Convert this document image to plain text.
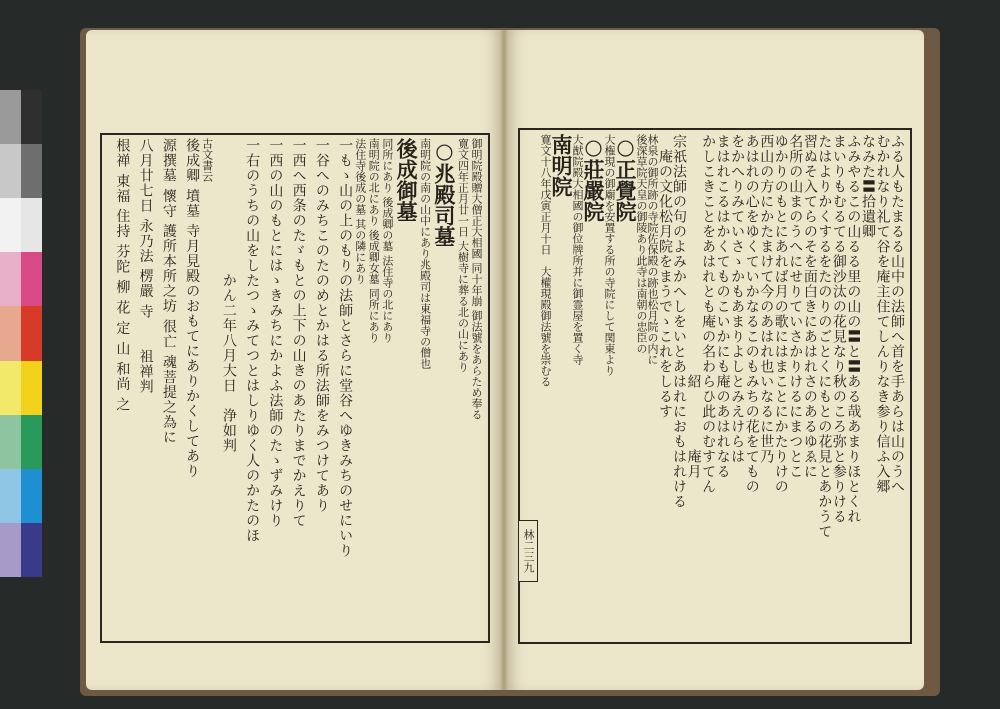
御明院殿贈大僧正大相國 同十年崩 御法號をあらため奉る
寛文四年正月廿一日 大樹寺に葬る北の山にあり
○兆殿司墓
南明院の南の山中にあり兆殿司は東福寺の僧也
後成御墓
同所にあり 後成卿の墓 法住寺の北にあり
南明院の北にあり 後成卿女墓 同所にあり
法住寺後成の墓 其の隣にあり
一もゝ山の上のもりの法師とさらに堂谷へゆきみちのせにいり
一谷へのみちこのたのめとかはる所法師をみつけてあり
一西へ西条のたゞもとの上下の山きのあたりまでかえりて
一西の山のもとにはゝきみちにかよふ法師のたゝずみけり
一右のうちの山をしたつゝみてつとはしりゆく人のかたのほ
　　　　　　　　　かん二年八月大日　浄如判
古文書云
後成卿 墳墓 寺月見殿のおもてにありかくしてあり
源撰墓 懷守 護所本所之坊 很亡 魂菩提之為に
八月廿七日 永乃法 楞嚴 寺　　祖禅判
根禅 東福 住持 芬陀 柳 花 定 山 和尚 之	ふる人もたまるる山中の法師へ首を手あらは山のうへ
むかれなり礼て谷を庵主住てしんりなき参り信ふ入郷
なみた〓拾遺卿
ふみやるこの山るる里の山の〓と〓ある哉あまりほとくれ
まいりもむるてる御沙汰の花見なり秋のころ弥と参りける
たはよりかくするをたのりのごとくにもとの花見とあかうて
習ぬそ入てらのそを面白きにあはれさのあるゆゑに
名所の山まのうへにせりていさかりけるにまつとこ
ゆかりのもとにあれば月の歌にはまことにかたりけの
西山の方にかたまけて今のあはれ也いなるに世乃
あはれの心をゆくていかなるこのもみちの花をてもの
をかへりみていさゝかもあまりよしとみえけらは
まはれこるはかくてものこいかにも庵のあはれなる
かしこきことをあはれとも庵の名わらひ此のむすてん
　　　　　　　　　　　　　　　　紹　　　　庵月
宗祇法師の句のよみかへしをいとあはれにおもはれける
　庵の文化松月院をまうでゝこれをしるす
林泉の御所跡の寺院佐保殿の跡也松月院の内に
後深草院天皇の御陵あり此寺は南朝の忠臣の
○正覺院
大権現の御廟を安置する所の寺院にして関東より
○莊嚴院
大猷院殿大相國の御位牌所并に御霊屋を置く寺
南明院
寛文十八年戊寅正月十日　大權現殿御法號を崇むる
林二三九
